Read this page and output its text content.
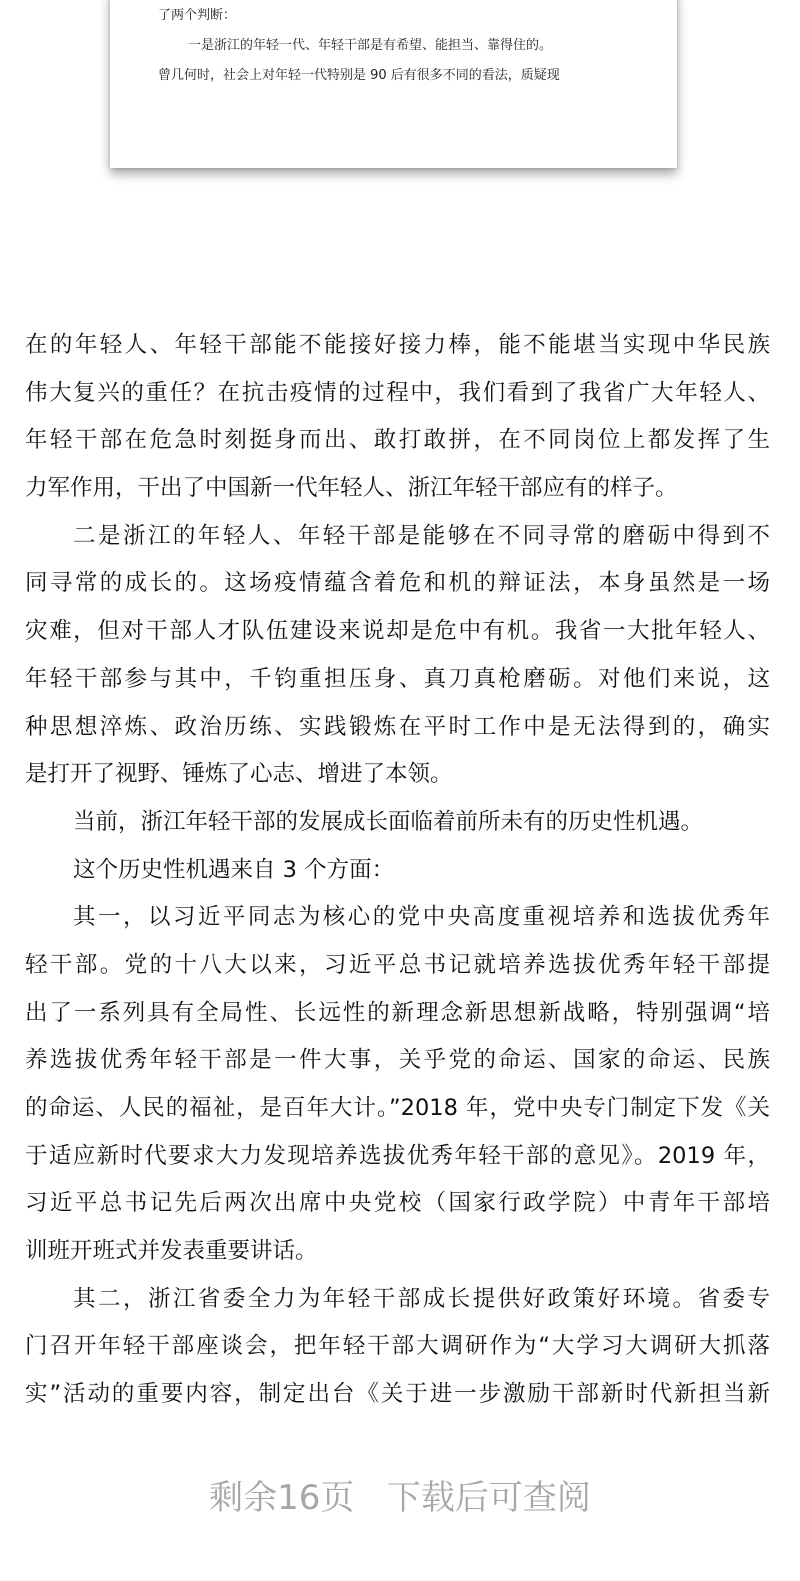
了两个判断：
一是浙江的年轻一代、年轻干部是有希望、能担当、靠得住的。
曾几何时，社会上对年轻一代特别是 90 后有很多不同的看法，质疑现
在的年轻人、年轻干部能不能接好接力棒，能不能堪当实现中华民族
伟大复兴的重任？在抗击疫情的过程中，我们看到了我省广大年轻人、
年轻干部在危急时刻挺身而出、敢打敢拼，在不同岗位上都发挥了生
力军作用，干出了中国新一代年轻人、浙江年轻干部应有的样子。
二是浙江的年轻人、年轻干部是能够在不同寻常的磨砺中得到不
同寻常的成长的。这场疫情蕴含着危和机的辩证法，本身虽然是一场
灾难，但对干部人才队伍建设来说却是危中有机。我省一大批年轻人、
年轻干部参与其中，千钧重担压身、真刀真枪磨砺。对他们来说，这
种思想淬炼、政治历练、实践锻炼在平时工作中是无法得到的，确实
是打开了视野、锤炼了心志、增进了本领。
当前，浙江年轻干部的发展成长面临着前所未有的历史性机遇。
这个历史性机遇来自 3 个方面：
其一，以习近平同志为核心的党中央高度重视培养和选拔优秀年
轻干部。党的十八大以来，习近平总书记就培养选拔优秀年轻干部提
出了一系列具有全局性、长远性的新理念新思想新战略，特别强调“培
养选拔优秀年轻干部是一件大事，关乎党的命运、国家的命运、民族
的命运、人民的福祉，是百年大计。”2018 年，党中央专门制定下发《关
于适应新时代要求大力发现培养选拔优秀年轻干部的意见》。2019 年，
习近平总书记先后两次出席中央党校（国家行政学院）中青年干部培
训班开班式并发表重要讲话。
其二，浙江省委全力为年轻干部成长提供好政策好环境。省委专
门召开年轻干部座谈会，把年轻干部大调研作为“大学习大调研大抓落
实”活动的重要内容，制定出台《关于进一步激励干部新时代新担当新
剩余16页   下载后可查阅
